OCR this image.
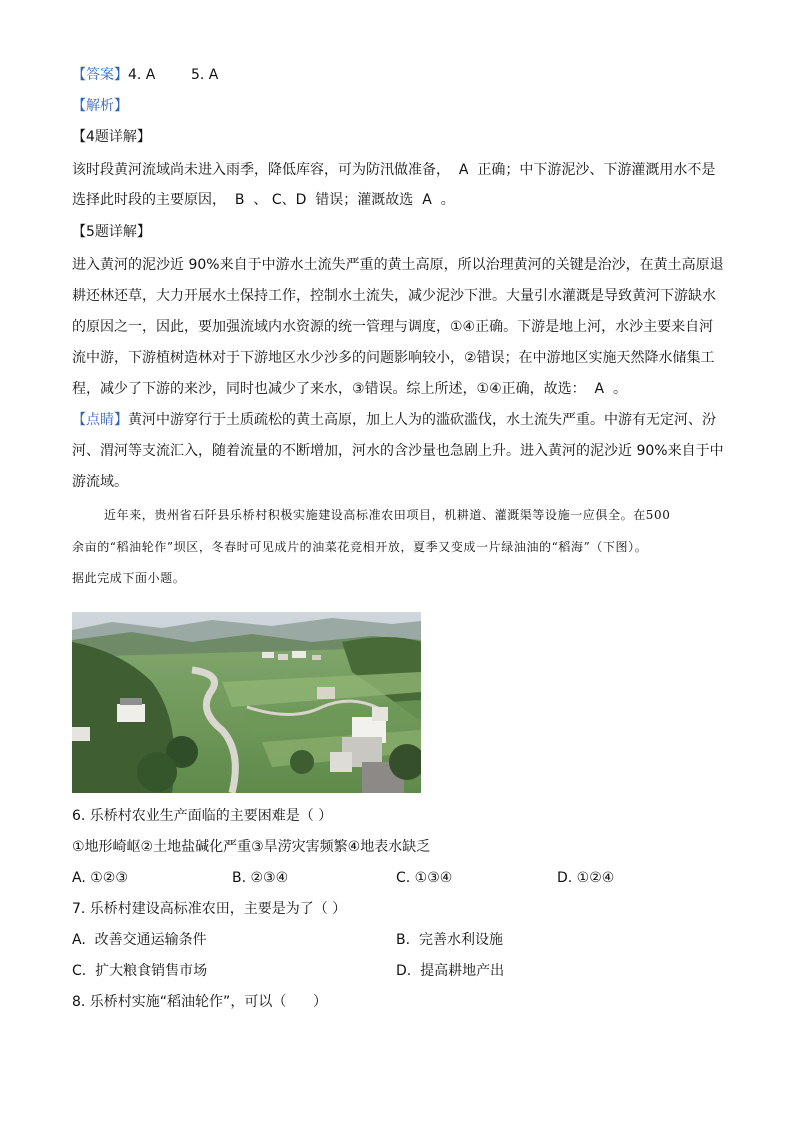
【答案】4. A        5. A
【解析】
【4题详解】
该时段黄河流域尚未进入雨季，降低库容，可为防汛做准备，  A  正确；中下游泥沙、下游灌溉用水不是
选择此时段的主要原因，  B  、 C、D  错误；灌溉故选  A  。
【5题详解】
进入黄河的泥沙近 90%来自于中游水土流失严重的黄土高原，所以治理黄河的关键是治沙，在黄土高原退
耕还林还草，大力开展水土保持工作，控制水土流失，减少泥沙下泄。大量引水灌溉是导致黄河下游缺水
的原因之一，因此，要加强流域内水资源的统一管理与调度，①④正确。下游是地上河，水沙主要来自河
流中游，下游植树造林对于下游地区水少沙多的问题影响较小，②错误；在中游地区实施天然降水储集工
程，减少了下游的来沙，同时也减少了来水，③错误。综上所述，①④正确，故选：  A  。
【点睛】黄河中游穿行于土质疏松的黄土高原，加上人为的滥砍滥伐，水土流失严重。中游有无定河、汾
河、渭河等支流汇入，随着流量的不断增加，河水的含沙量也急剧上升。进入黄河的泥沙近 90%来自于中
游流域。
近年来，贵州省石阡县乐桥村积极实施建设高标准农田项目，机耕道、灌溉渠等设施一应俱全。在500
余亩的“稻油轮作”坝区，冬春时可见成片的油菜花竞相开放，夏季又变成一片绿油油的“稻海”（下图）。
据此完成下面小题。
6. 乐桥村农业生产面临的主要困难是（ ）
①地形崎岖②土地盐碱化严重③旱涝灾害频繁④地表水缺乏
A. ①②③	B. ②③④	C. ①③④	D. ①②④
7. 乐桥村建设高标准农田，主要是为了（ ）
A.  改善交通运输条件	B.  完善水利设施
C.  扩大粮食销售市场	D.  提高耕地产出
8. 乐桥村实施“稻油轮作”，可以（      ）
